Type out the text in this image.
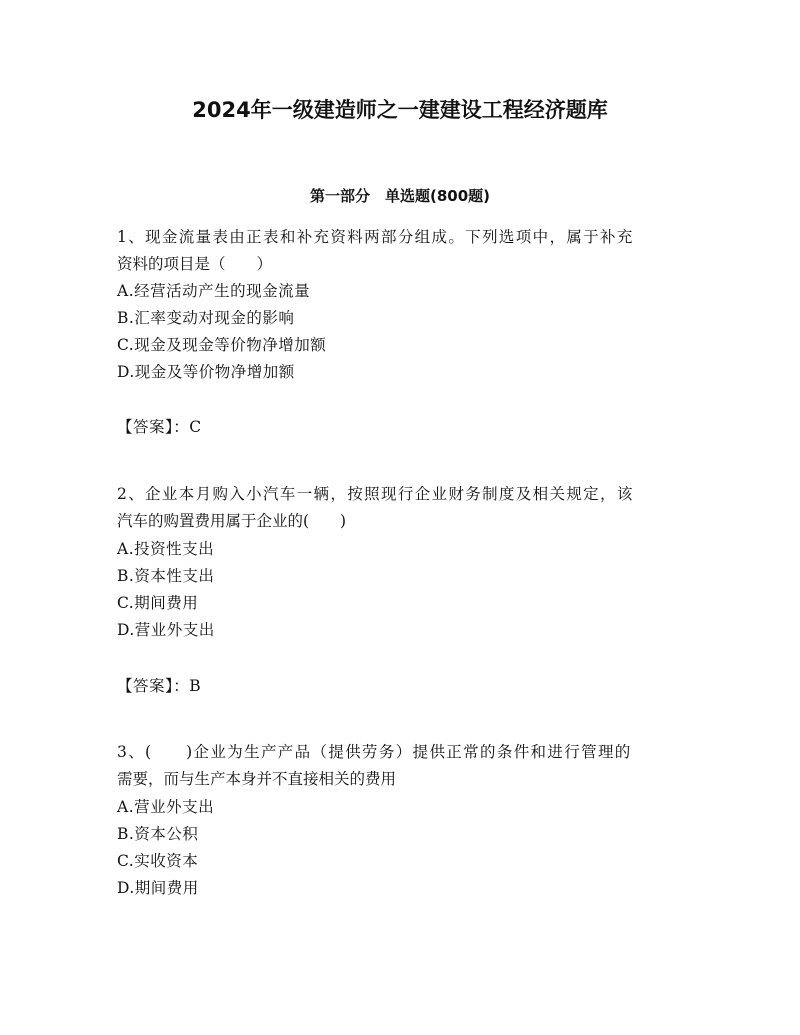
2024年一级建造师之一建建设工程经济题库
第一部分　单选题(800题)

1、现金流量表由正表和补充资料两部分组成。下列选项中，属于补充

资料的项目是（　　）

A.经营活动产生的现金流量

B.汇率变动对现金的影响

C.现金及现金等价物净增加额

D.现金及等价物净增加额

【答案】：C

2、企业本月购入小汽车一辆，按照现行企业财务制度及相关规定，该

汽车的购置费用属于企业的(　　)

A.投资性支出

B.资本性支出

C.期间费用

D.营业外支出

【答案】：B

3、(　　)企业为生产产品（提供劳务）提供正常的条件和进行管理的

需要，而与生产本身并不直接相关的费用

A.营业外支出

B.资本公积

C.实收资本

D.期间费用
